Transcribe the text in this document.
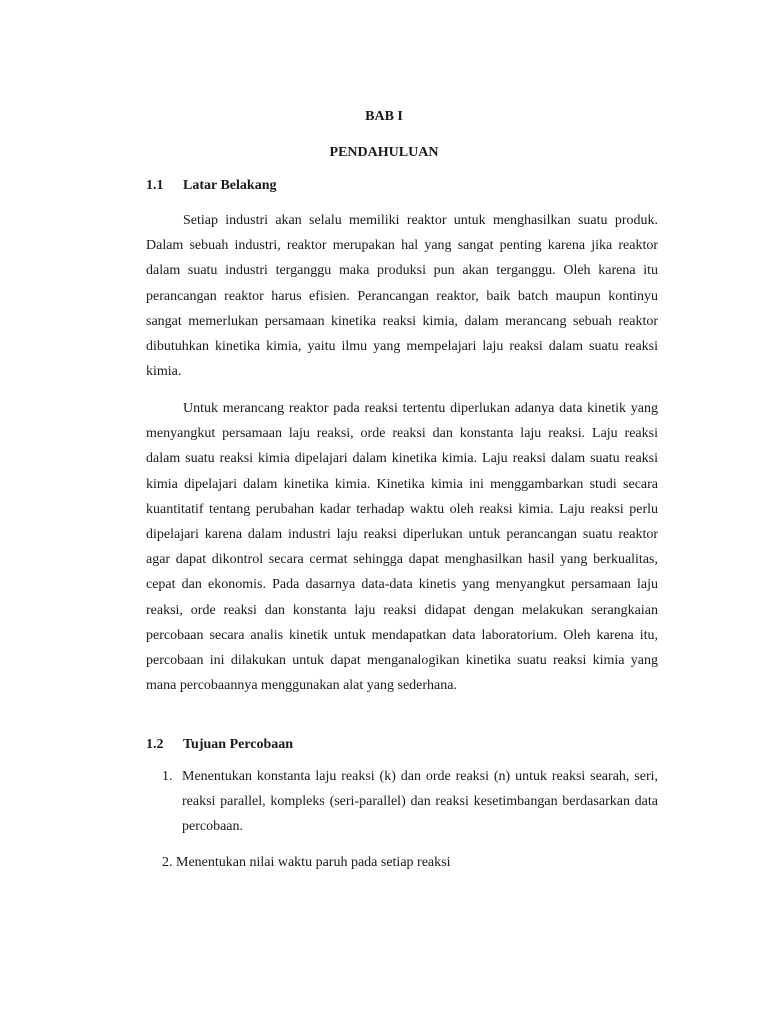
BAB I
PENDAHULUAN
1.1 Latar Belakang

Setiap industri akan selalu memiliki reaktor untuk menghasilkan suatu produk. Dalam sebuah industri, reaktor merupakan hal yang sangat penting karena jika reaktor dalam suatu industri terganggu maka produksi pun akan terganggu. Oleh karena itu perancangan reaktor harus efisien. Perancangan reaktor, baik batch maupun kontinyu sangat memerlukan persamaan kinetika reaksi kimia, dalam merancang sebuah reaktor dibutuhkan kinetika kimia, yaitu ilmu yang mempelajari laju reaksi dalam suatu reaksi kimia.

Untuk merancang reaktor pada reaksi tertentu diperlukan adanya data kinetik yang menyangkut persamaan laju reaksi, orde reaksi dan konstanta laju reaksi. Laju reaksi dalam suatu reaksi kimia dipelajari dalam kinetika kimia. Laju reaksi dalam suatu reaksi kimia dipelajari dalam kinetika kimia. Kinetika kimia ini menggambarkan studi secara kuantitatif tentang perubahan kadar terhadap waktu oleh reaksi kimia. Laju reaksi perlu dipelajari karena dalam industri laju reaksi diperlukan untuk perancangan suatu reaktor agar dapat dikontrol secara cermat sehingga dapat menghasilkan hasil yang berkualitas, cepat dan ekonomis. Pada dasarnya data-data kinetis yang menyangkut persamaan laju reaksi, orde reaksi dan konstanta laju reaksi didapat dengan melakukan serangkaian percobaan secara analis kinetik untuk mendapatkan data laboratorium. Oleh karena itu, percobaan ini dilakukan untuk dapat menganalogikan kinetika suatu reaksi kimia yang mana percobaannya menggunakan alat yang sederhana.

1.2 Tujuan Percobaan
1. Menentukan konstanta laju reaksi (k) dan orde reaksi (n) untuk reaksi searah, seri, reaksi parallel, kompleks (seri-parallel) dan reaksi kesetimbangan berdasarkan data percobaan.

2. Menentukan nilai waktu paruh pada setiap reaksi
